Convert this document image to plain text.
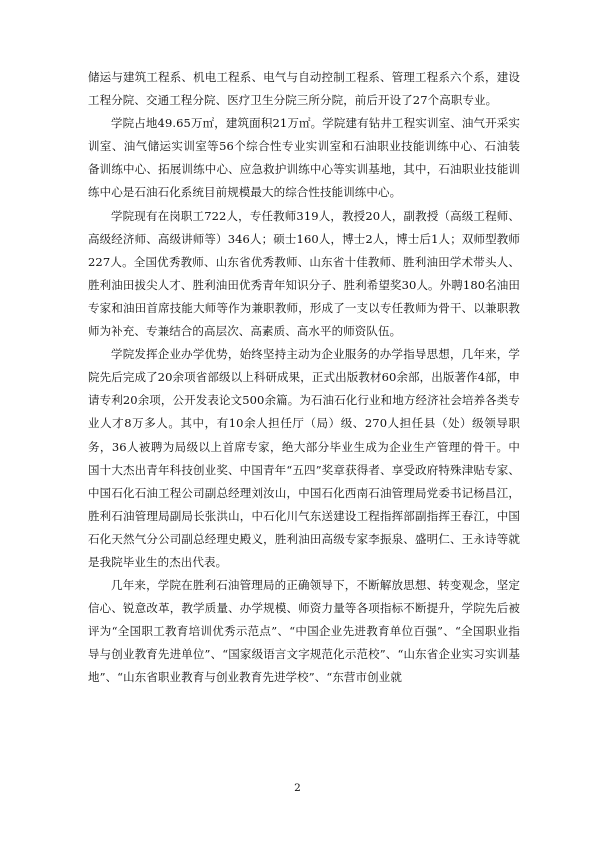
储运与建筑工程系、机电工程系、电气与自动控制工程系、管理工程系六个系，建设工程分院、交通工程分院、医疗卫生分院三所分院，前后开设了27个高职专业。

学院占地49.65万㎡，建筑面积21万㎡。学院建有钻井工程实训室、油气开采实训室、油气储运实训室等56个综合性专业实训室和石油职业技能训练中心、石油装备训练中心、拓展训练中心、应急救护训练中心等实训基地，其中，石油职业技能训练中心是石油石化系统目前规模最大的综合性技能训练中心。

学院现有在岗职工722人，专任教师319人，教授20人，副教授（高级工程师、高级经济师、高级讲师等）346人；硕士160人，博士2人，博士后1人；双师型教师227人。全国优秀教师、山东省优秀教师、山东省十佳教师、胜利油田学术带头人、胜利油田拔尖人才、胜利油田优秀青年知识分子、胜利希望奖30人。外聘180名油田专家和油田首席技能大师等作为兼职教师，形成了一支以专任教师为骨干、以兼职教师为补充、专兼结合的高层次、高素质、高水平的师资队伍。

学院发挥企业办学优势，始终坚持主动为企业服务的办学指导思想，几年来，学院先后完成了20余项省部级以上科研成果，正式出版教材60余部，出版著作4部，申请专利20余项，公开发表论文500余篇。为石油石化行业和地方经济社会培养各类专业人才8万多人。其中，有10余人担任厅（局）级、270人担任县（处）级领导职务，36人被聘为局级以上首席专家，绝大部分毕业生成为企业生产管理的骨干。中国十大杰出青年科技创业奖、中国青年“五四”奖章获得者、享受政府特殊津贴专家、中国石化石油工程公司副总经理刘汝山，中国石化西南石油管理局党委书记杨昌江，胜利石油管理局副局长张洪山，中石化川气东送建设工程指挥部副指挥王春江，中国石化天然气分公司副总经理史殿义，胜利油田高级专家李振泉、盛明仁、王永诗等就是我院毕业生的杰出代表。

几年来，学院在胜利石油管理局的正确领导下，不断解放思想、转变观念，坚定信心、锐意改革，教学质量、办学规模、师资力量等各项指标不断提升，学院先后被评为“全国职工教育培训优秀示范点”、“中国企业先进教育单位百强”、“全国职业指导与创业教育先进单位”、“国家级语言文字规范化示范校”、“山东省企业实习实训基地”、“山东省职业教育与创业教育先进学校”、“东营市创业就

2
